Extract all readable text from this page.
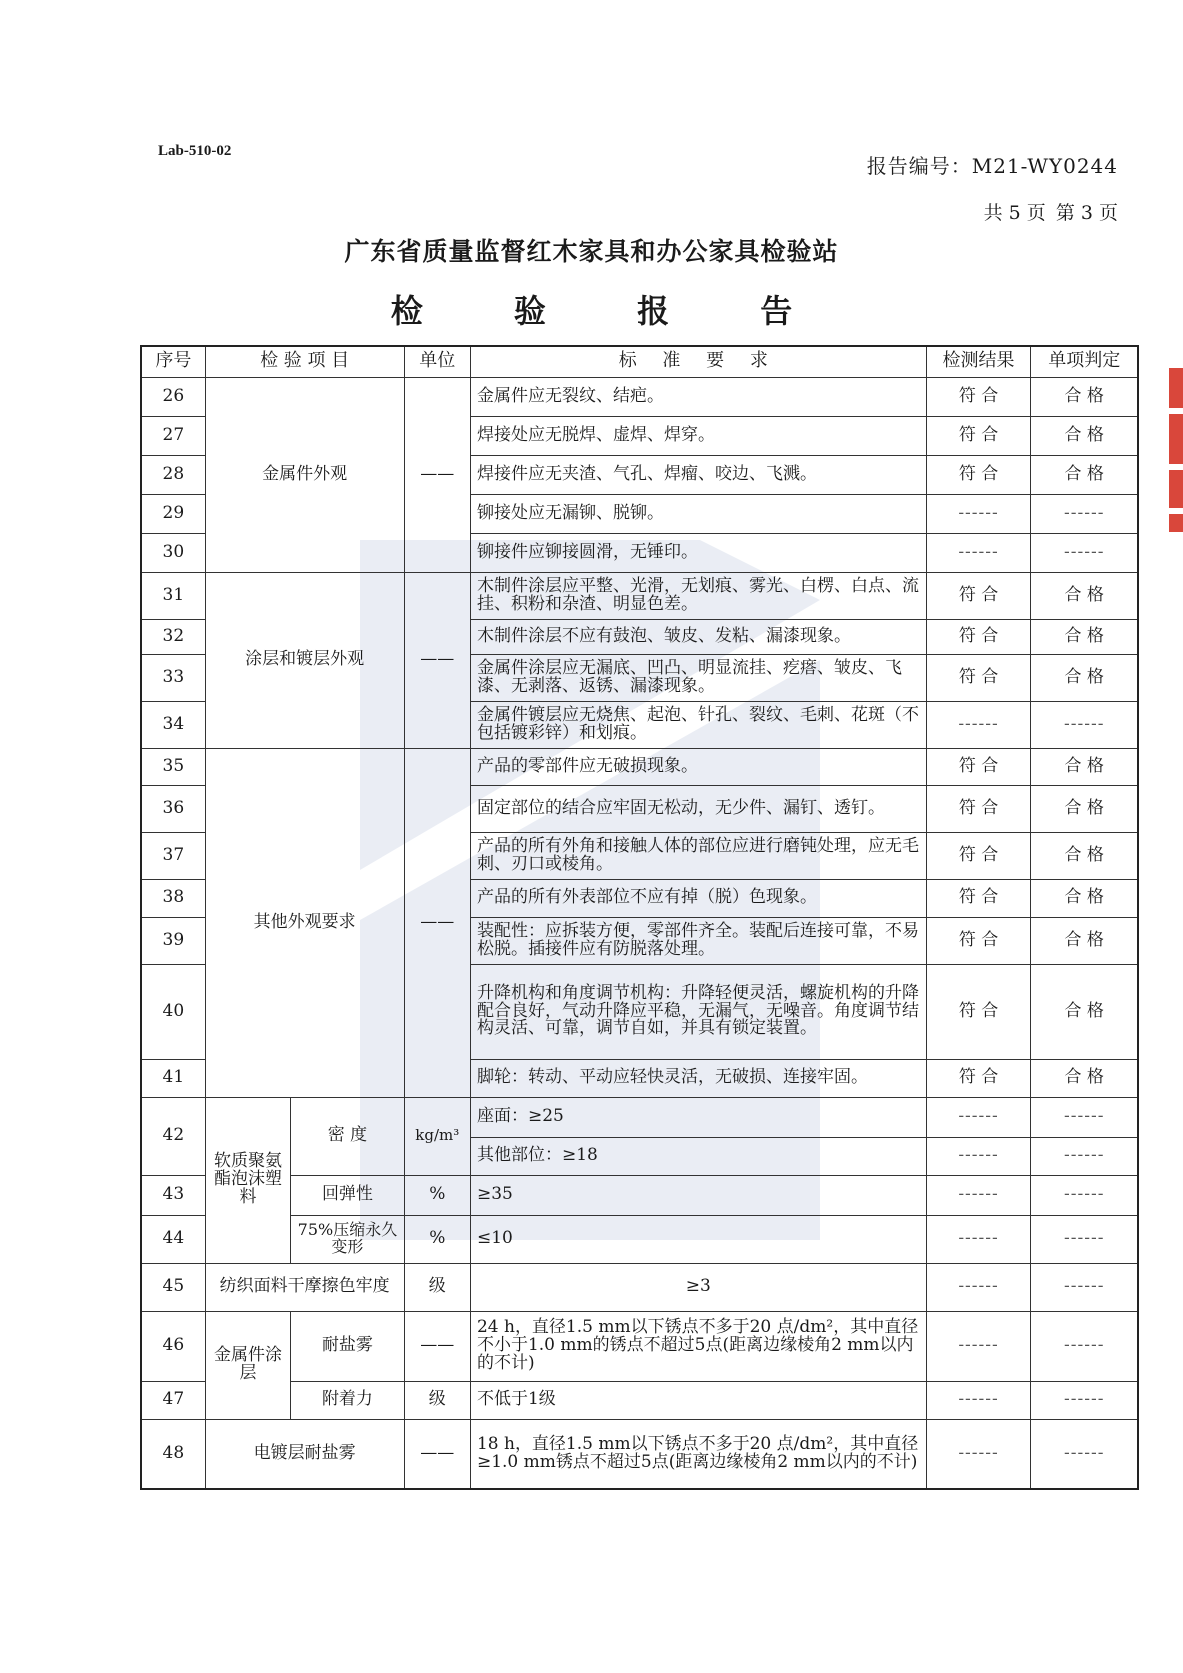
Lab-510-02
报告编号：M21-WY0244
共 5 页 第 3 页
广东省质量监督红木家具和办公家具检验站
检 验 报 告
序号	检 验 项 目		单位	标 准 要 求	检测结果	单项判定
26	金属件外观		——	金属件应无裂纹、结疤。	符 合	合 格
27				焊接处应无脱焊、虚焊、焊穿。	符 合	合 格
28				焊接件应无夹渣、气孔、焊瘤、咬边、飞溅。	符 合	合 格
29				铆接处应无漏铆、脱铆。	------	------
30				铆接件应铆接圆滑，无锤印。	------	------
31	涂层和镀层外观		——	木制件涂层应平整、光滑，无划痕、雾光、白楞、白点、流挂、积粉和杂渣、明显色差。	符 合	合 格
32				木制件涂层不应有鼓泡、皱皮、发粘、漏漆现象。	符 合	合 格
33				金属件涂层应无漏底、凹凸、明显流挂、疙瘩、皱皮、飞漆、无剥落、返锈、漏漆现象。	符 合	合 格
34				金属件镀层应无烧焦、起泡、针孔、裂纹、毛刺、花斑（不包括镀彩锌）和划痕。	------	------
35	其他外观要求		——	产品的零部件应无破损现象。	符 合	合 格
36				固定部位的结合应牢固无松动，无少件、漏钉、透钉。	符 合	合 格
37				产品的所有外角和接触人体的部位应进行磨钝处理，应无毛刺、刃口或棱角。	符 合	合 格
38				产品的所有外表部位不应有掉（脱）色现象。	符 合	合 格
39				装配性：应拆装方便，零部件齐全。装配后连接可靠，不易松脱。插接件应有防脱落处理。	符 合	合 格
40				升降机构和角度调节机构：升降轻便灵活，螺旋机构的升降配合良好，气动升降应平稳，无漏气，无噪音。角度调节结构灵活、可靠，调节自如，并具有锁定装置。	符 合	合 格
41				脚轮：转动、平动应轻快灵活，无破损、连接牢固。	符 合	合 格
42	软质聚氨酯泡沫塑料	密 度	kg/m³	座面：≥25	------	------
				其他部位：≥18	------	------
43		回弹性	%	≥35	------	------
44		75%压缩永久变形	%	≤10	------	------
45	纺织面料干摩擦色牢度		级	≥3	------	------
46	金属件涂层	耐盐雾	——	24 h，直径1.5 mm以下锈点不多于20 点/dm²，其中直径不小于1.0 mm的锈点不超过5点(距离边缘棱角2 mm以内的不计)	------	------
47		附着力	级	不低于1级	------	------
48	电镀层耐盐雾		——	18 h，直径1.5 mm以下锈点不多于20 点/dm²，其中直径≥1.0 mm锈点不超过5点(距离边缘棱角2 mm以内的不计)	------	------
